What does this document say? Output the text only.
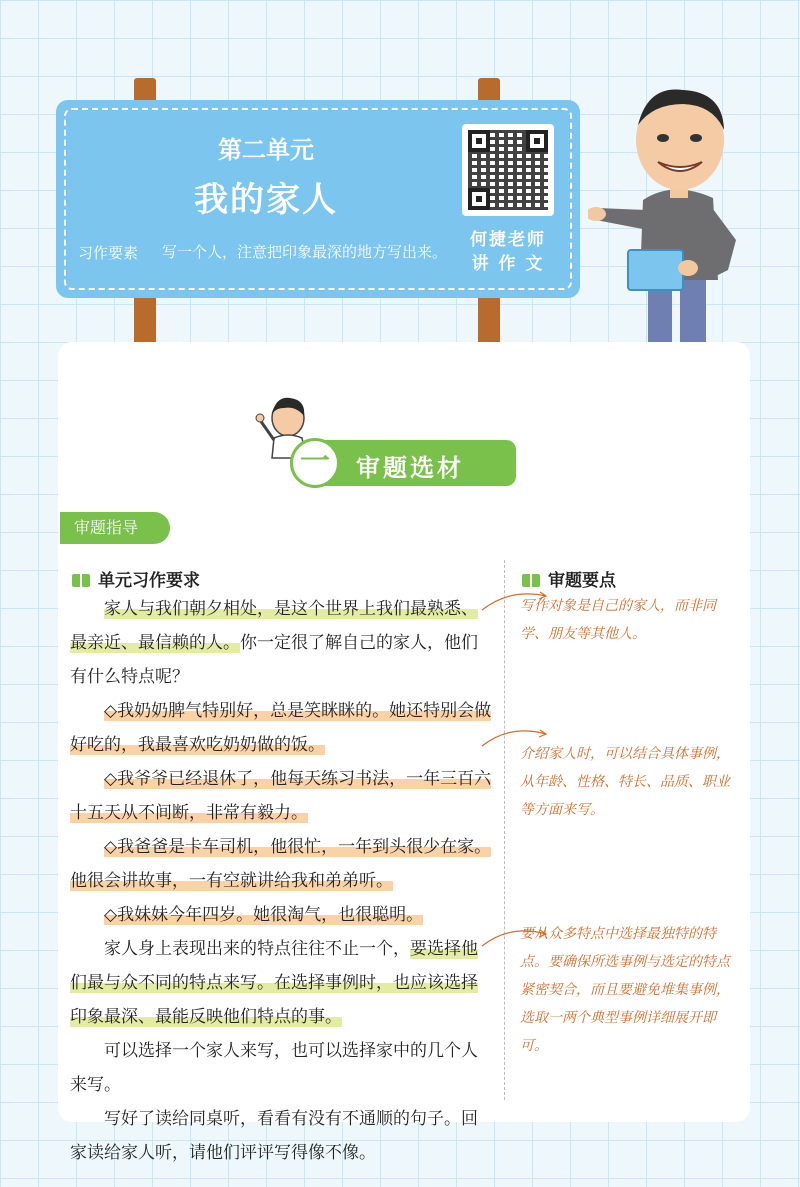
第二单元
我的家人
习作要素 写一个人，注意把印象最深的地方写出来。
何捷老师
讲 作 文
一	审题选材
审题指导
单元习作要求	审题要点

家人与我们朝夕相处，是这个世界上我们最熟悉、最亲近、最信赖的人。你一定很了解自己的家人，他们有什么特点呢？

◇我奶奶脾气特别好，总是笑眯眯的。她还特别会做好吃的，我最喜欢吃奶奶做的饭。

◇我爷爷已经退休了，他每天练习书法，一年三百六十五天从不间断，非常有毅力。

◇我爸爸是卡车司机，他很忙，一年到头很少在家。他很会讲故事，一有空就讲给我和弟弟听。

◇我妹妹今年四岁。她很淘气，也很聪明。

家人身上表现出来的特点往往不止一个，要选择他们最与众不同的特点来写。在选择事例时，也应该选择印象最深、最能反映他们特点的事。

可以选择一个家人来写，也可以选择家中的几个人来写。

写好了读给同桌听，看看有没有不通顺的句子。回家读给家人听，请他们评评写得像不像。

写作对象是自己的家人，而非同学、朋友等其他人。
介绍家人时，可以结合具体事例，从年龄、性格、特长、品质、职业等方面来写。
要从众多特点中选择最独特的特点。要确保所选事例与选定的特点紧密契合，而且要避免堆集事例，选取一两个典型事例详细展开即可。
